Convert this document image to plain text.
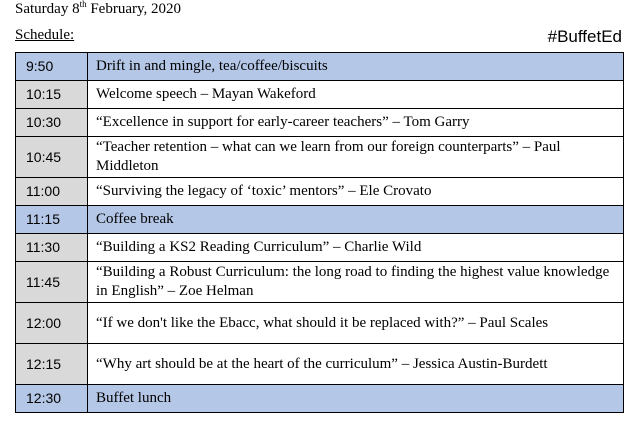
Saturday 8th February, 2020
Schedule:	#BuffetEd
9:50	Drift in and mingle, tea/coffee/biscuits
10:15	Welcome speech – Mayan Wakeford
10:30	“Excellence in support for early-career teachers” – Tom Garry
10:45	“Teacher retention – what can we learn from our foreign counterparts” – Paul Middleton
11:00	“Surviving the legacy of ‘toxic’ mentors” – Ele Crovato
11:15	Coffee break
11:30	“Building a KS2 Reading Curriculum” – Charlie Wild
11:45	“Building a Robust Curriculum: the long road to finding the highest value knowledge in English” – Zoe Helman
12:00	“If we don't like the Ebacc, what should it be replaced with?” – Paul Scales
12:15	“Why art should be at the heart of the curriculum” – Jessica Austin-Burdett
12:30	Buffet lunch
